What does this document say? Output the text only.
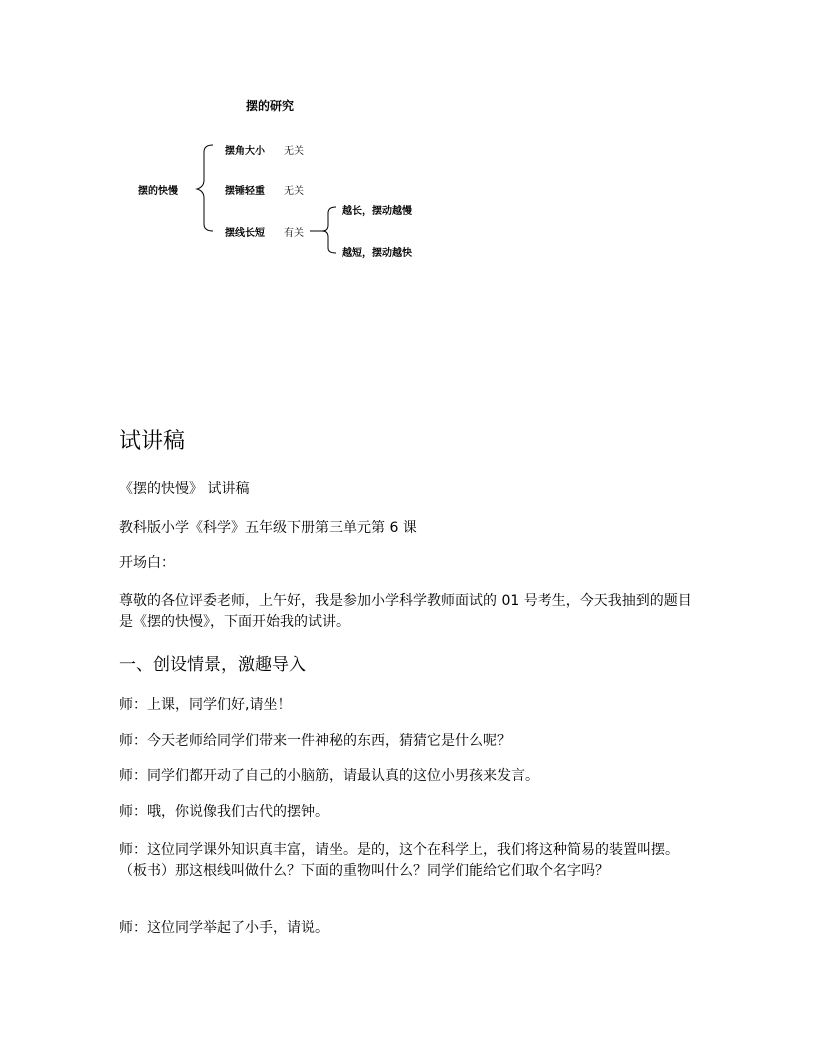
摆的研究
摆的快慢
摆角大小 无关
摆锤轻重 无关
摆线长短 有关
越长，摆动越慢
越短，摆动越快
试讲稿
《摆的快慢》 试讲稿
教科版小学《科学》五年级下册第三单元第 6 课
开场白：
尊敬的各位评委老师，上午好，我是参加小学科学教师面试的 01 号考生，今天我抽到的题目是《摆的快慢》，下面开始我的试讲。
一、创设情景，激趣导入
师：上课，同学们好,请坐！
师：今天老师给同学们带来一件神秘的东西，猜猜它是什么呢？
师：同学们都开动了自己的小脑筋，请最认真的这位小男孩来发言。
师：哦，你说像我们古代的摆钟。
师：这位同学课外知识真丰富，请坐。是的，这个在科学上，我们将这种简易的装置叫摆。（板书）那这根线叫做什么？下面的重物叫什么？同学们能给它们取个名字吗？
师：这位同学举起了小手，请说。
